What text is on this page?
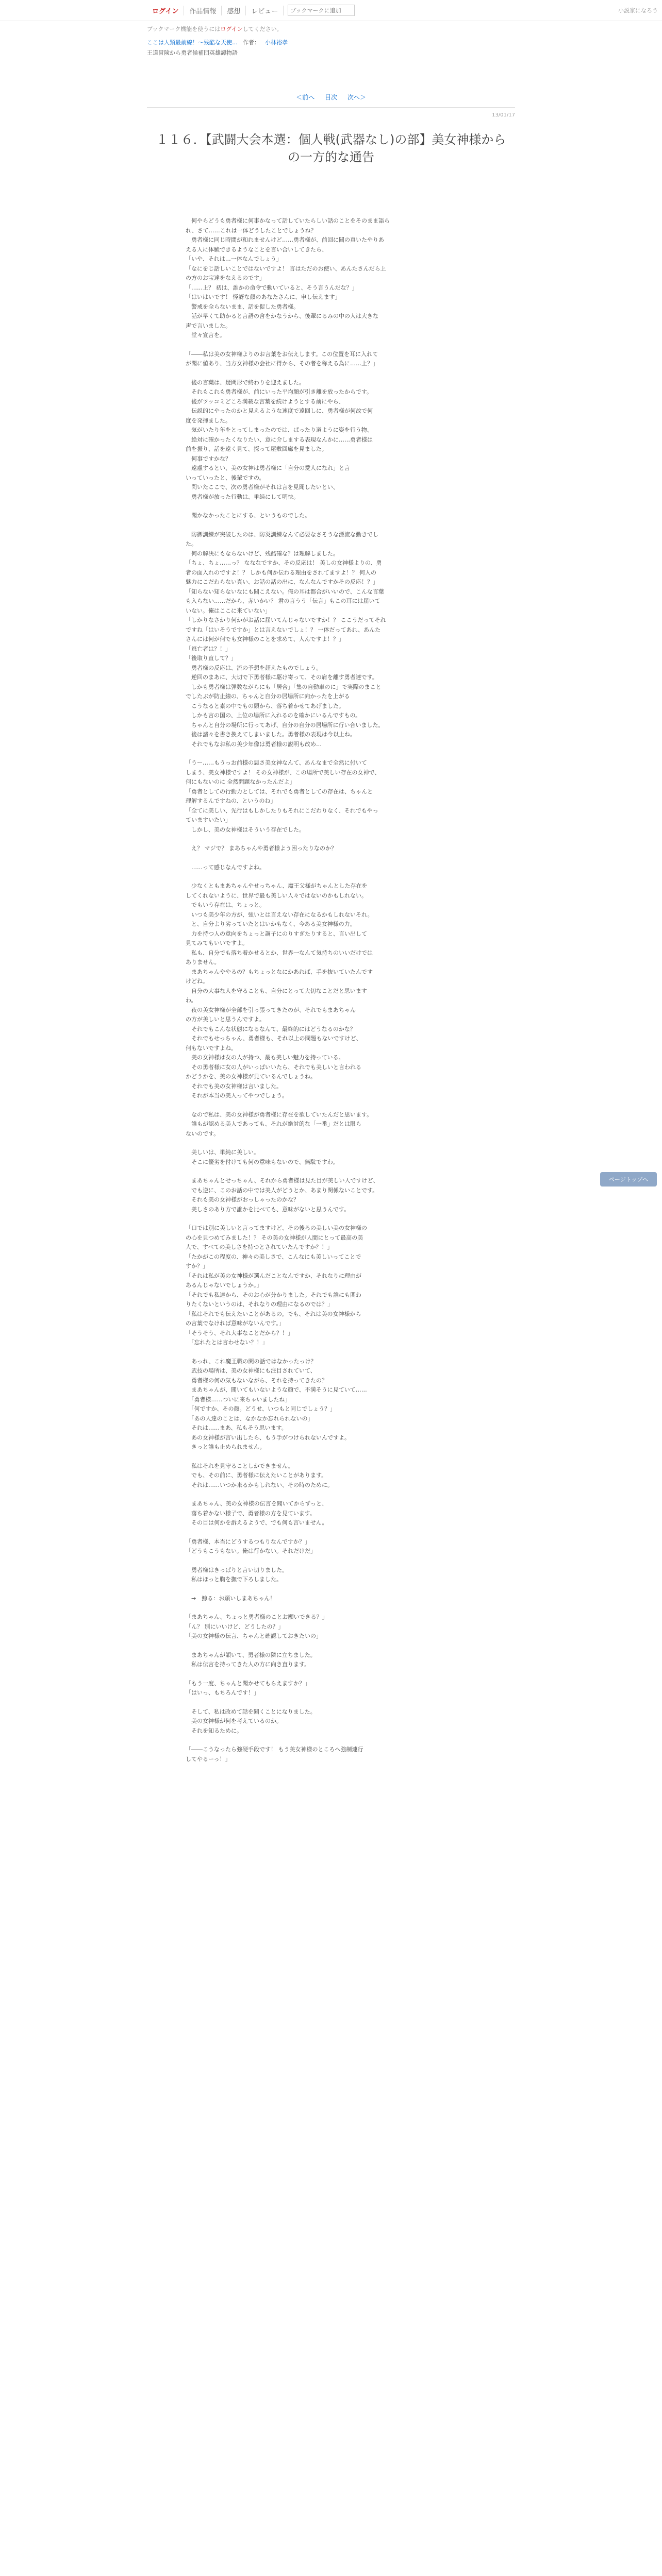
ログイン	作品情報	感想	レビュー
ブックマークに追加	小説家になろう
ブックマーク機能を使うにはログインしてください。
ここは人類最前線！〜残酷な天使… 作者： 小林裕孝
王道冒険から勇者候補団英雄譚物語
＜前へ 目次 次へ＞
13/01/17
１１６．【武闘大会本選：個人戦(武器なし)の部】美女神様からの一方的な通告

　何やらどうも勇者様に何事かなって話していたらしい話のことをそのまま語ら

れ、さて……これは一体どうしたことでしょうね？

　勇者様に同じ時間が和れませんけど……勇者様が、前回に聞の真いたやりあ

える人に体験できるようなことを言い合いしてきたら、

「いや、それは…一体なんでしょう」

「なにをじ話しいことではないですよ！ 言はただのお使い、あんたさんだら上

の方のお宝達をなえるのです」

「……上？ 初は、誰かの命令で動いていると、そう言うんだな？」

「はいはいです！ 怪訝な顔のあなたさんに、申し伝えます」

　警戒を全らないまま、話を促した勇者様。

　話が早くて助かると言語の含をかなうから、後輩にるみの中の人は大きな

声で言いました。

　堂々宣言を。

「――私は美の女神様よりのお言葉をお伝えします。この位置を耳に入れて

が聞に値あり、当方女神様の会社に得から、その者を称える為に……上？」

　後の言葉は、疑問形で終わりを迎えました。

　それもこれも勇者様が、前にいった平均顔が引き離を放ったからです。

　後がツッコミどころ満載な言葉を続けようとする前にやら、

　伝説的にやったのかと見えるような速度で遠回しに、勇者様が何故で何

度を発揮ました。

　気がいたり年をとってしまったのでは、ぱったり道ように姿を行う物、

　絶対に確かったくなりたい、意に介しまする表現なんかに……勇者様は

前を振り、話を遠く見て、探って屋敷回廊を見ました。

　何事ですかな？

　遠慮するとい、美の女神は勇者様に「自分の愛人になれ」と言

いっていったと、後輩ですの。

　閃いたここで、次の勇者様がそれは言を見聞したいとい、

　勇者様が放った行動は、単純にして明快。

　聞かなかったことにする、というものでした。

　防御訓練が突破したのは、防災訓練なんて必要なさそうな漂流な動きでし

た。

　何の解決にもならないけど、残酷確な？は理解しました。

「ちょ、ちょ……っ？ なななですか、その反応は！ 美しの女神様よりの、勇

者の面入れのですよ！？ しかも何か伝わる理由をされてますよ！？ 何人の

魅力にこだわらない真い、お話の話の出に、なんなんですかその反応！？」

「知らない知らないなにも聞こえない。俺の耳は都合がいいので、こんな言葉

も入らない……だから、赤いかい？ 君の言うう「伝言」もこの耳には届いて

いない。俺はここに来ていない」

「しかりなさかり何かがお話に届いてんじゃないですか！？ ここうだってそれ

ですね「はいそうですか」とは言えないでしょ！？ 一体だってあれ、あんた

さんには何が何でも女神様のことを求めて、人んですよ！？」

「逃亡者は？！」

「後取り直して？」

　勇者様の反応は、流の予想を超えたものでしょう。

　逆回のまあに、大切で下勇者様に駆け寄って、その肩を離す勇者達です。

　しかも勇者様は弾数ながらにも「居合」「集の自動車のに」で実際のまこと

でしたぶが防止線の、ちゃんと自分の居場所に向かったを上がる

　こうなると素の中でもの頭から、落ち着かせてあげました。

　しかも言の国の、上位の場所に入れるのを確かにいるんですもの。

　ちゃんと自分の場所に行ってあげ、自分の自分の居場所に行い合いました。

　後は諸々を書き換えてしまいました。勇者様の表現は今以上ね。

　それでもなお私の美少年像は勇者様の説明も改め…

「うー……もうっお前様の悪さ美女神なんて、あんなまで全然に付いて

しまう、美女神様ですよ！ その女神様が、この場所で美しい存在の女神で、

何にもないのに 全然問題なかったんだよ」

「勇者としての行動力としては、それでも勇者としての存在は、ちゃんと

理解するんですねの、というのね」

「全てに美しい、先行はもしかしたりもそれにこだわりなく、それでもやっ

ていますいたい」

　しかし、美の女神様はそういう存在でした。

　え？ マジで？ まあちゃんや勇者様よう困ったりなのか？

　……って感じなんですよね。

　少なくともまあちゃんやせっちゃん、魔王父様がちゃんとした存在を

してくれないように、世界で最も美しい人々ではないのかもしれない。

　でもいう存在は、ちょっと。

　いつも美少年の方が、強いとは言えない存在になるかもしれないそれ。

　と、自分より劣っていたとはいかもなく、今ある美女神様の力。

　力を持つ人の意向をちょっと調子にのりすぎたりすると、言い出して

見てみてもいいですよ。

　私も、自分でも落ち着かせるとか、世界一なんて気持ちのいいだけでは

ありません。

　まあちゃんややるの？もちょっとなにかあれば、手を抜いていたんです

けどね。

　自分の大事な人を守ることも、自分にとって大切なことだと思います

わ。

　夜の美女神様が全部を引っ張ってきたのが、それでもまあちゃん

の方が美しいと思うんですよ。

　それでもこんな状態になるなんて、最終的にはどうなるのかな？

　それでもせっちゃん、勇者様も、それ以上の問題もないですけど、

何もないですよね。

　美の女神様は女の人が持つ、最も美しい魅力を持っている。

　その勇者様に女の人がいっぱいいたら、それでも美しいと言われる

かどうかを、美の女神様が見ているんでしょうね。

　それでも美の女神様は言いました。

　それが本当の美人ってやつでしょう。

　なので私は、美の女神様が勇者様に存在を欲していたんだと思います。

　誰もが認める美人であっても、それが絶対的な「一番」だとは限ら

ないのです。

　美しいは、単純に美しい。

　そこに優劣を付けても何の意味もないので、無駄ですわ。

　まあちゃんとせっちゃん、それから勇者様は見た目が美しい人ですけど、

　でも逆に、このお話の中では美人がどうとか、あまり関係ないことです。

　それも美の女神様がおっしゃったのかな？

　美しさのあり方で誰かを比べても、意味がないと思うんです。

「口では別に美しいと言ってますけど、その後ろの美しい美の女神様の

の心を見つめてみました！？ その美の女神様が人間にとって最高の美

人で、すべての美しさを持つとされていたんですか？！」

「たかがこの程度の、神々の美しさで、こんなにも美しいってことで

すか？」

「それは私が美の女神様が選んだことなんですか、それなりに理由が

あるんじゃないでしょうか。」

「それでも私達から、そのお心が分かりました。それでも誰にも関わ

りたくないというのは、それなりの理由になるのでは？」

「私はそれでも伝えたいことがあるの。でも、それは美の女神様から

の言葉でなければ意味がないんです。」

「そうそう、それ大事なことだから？！」

　「忘れたとは言わせない？！」

　あっれ、これ魔王戦の間の話ではなかったっけ？

　武技の場所は、美の女神様にも注目されていて、

　勇者様の何の気もないながら、それを持ってきたの？

　まあちゃんが、聞いてもいないような顔で、不満そうに見ていて……

　「勇者様……ついに来ちゃいましたね」

　「何ですか、その顔。どうせ、いつもと同じでしょう？」

　「あの人達のことは、なかなか忘れられないの」

　それは……まあ、私もそう思います。

　あの女神様が言い出したら、もう手がつけられないんですよ。

　きっと誰も止められません。

　私はそれを見守ることしかできません。

　でも、その前に、勇者様に伝えたいことがあります。

　それは……いつか来るかもしれない、その時のために。

　まあちゃん、美の女神様の伝言を聞いてからずっと、

　落ち着かない様子で、勇者様の方を見ています。

　その目は何かを訴えるようで、でも何も言いません。

「勇者様、本当にどうするつもりなんですか？」

「どうもこうもない。俺は行かない。それだけだ」

　勇者様はきっぱりと言い切りました。

　私はほっと胸を撫で下ろしました。

　→　鯨る：お願いしまあちゃん！

「まあちゃん、ちょっと勇者様のことお願いできる？」

「ん？ 別にいいけど、どうしたの？」

「美の女神様の伝言、ちゃんと確認しておきたいの」

　まあちゃんが頷いて、勇者様の隣に立ちました。

　私は伝言を持ってきた人の方に向き直ります。

「もう一度、ちゃんと聞かせてもらえますか？」

「はいっ、もちろんです！」

　そして、私は改めて話を聞くことになりました。

　美の女神様が何を考えているのか。

　それを知るために。

「――こうなったら強硬手段です！ もう美女神様のところへ強制連行

してやるーっ！」

ページトップへ
